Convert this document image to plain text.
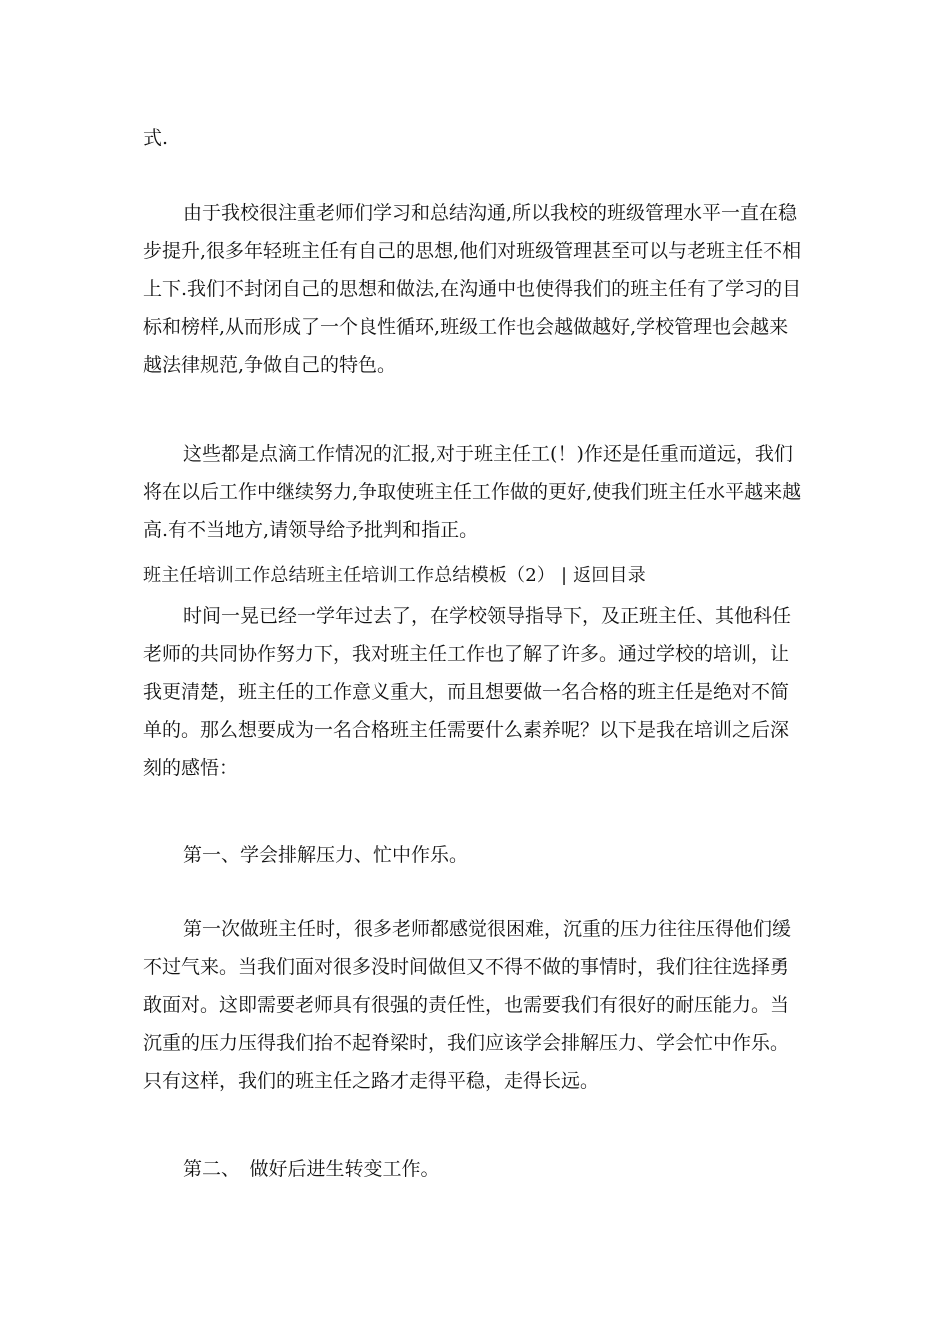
式.
由于我校很注重老师们学习和总结沟通,所以我校的班级管理水平一直在稳
步提升,很多年轻班主任有自己的思想,他们对班级管理甚至可以与老班主任不相
上下.我们不封闭自己的思想和做法,在沟通中也使得我们的班主任有了学习的目
标和榜样,从而形成了一个良性循环,班级工作也会越做越好,学校管理也会越来
越法律规范,争做自己的特色。
这些都是点滴工作情况的汇报,对于班主任工(！)作还是任重而道远，我们
将在以后工作中继续努力,争取使班主任工作做的更好,使我们班主任水平越来越
高.有不当地方,请领导给予批判和指正。
班主任培训工作总结班主任培训工作总结模板（2） | 返回目录
时间一晃已经一学年过去了，在学校领导指导下，及正班主任、其他科任
老师的共同协作努力下，我对班主任工作也了解了许多。通过学校的培训，让
我更清楚，班主任的工作意义重大，而且想要做一名合格的班主任是绝对不简
单的。那么想要成为一名合格班主任需要什么素养呢？以下是我在培训之后深
刻的感悟：
第一、学会排解压力、忙中作乐。
第一次做班主任时，很多老师都感觉很困难，沉重的压力往往压得他们缓
不过气来。当我们面对很多没时间做但又不得不做的事情时，我们往往选择勇
敢面对。这即需要老师具有很强的责任性，也需要我们有很好的耐压能力。当
沉重的压力压得我们抬不起脊梁时，我们应该学会排解压力、学会忙中作乐。
只有这样，我们的班主任之路才走得平稳，走得长远。
第二、　做好后进生转变工作。
